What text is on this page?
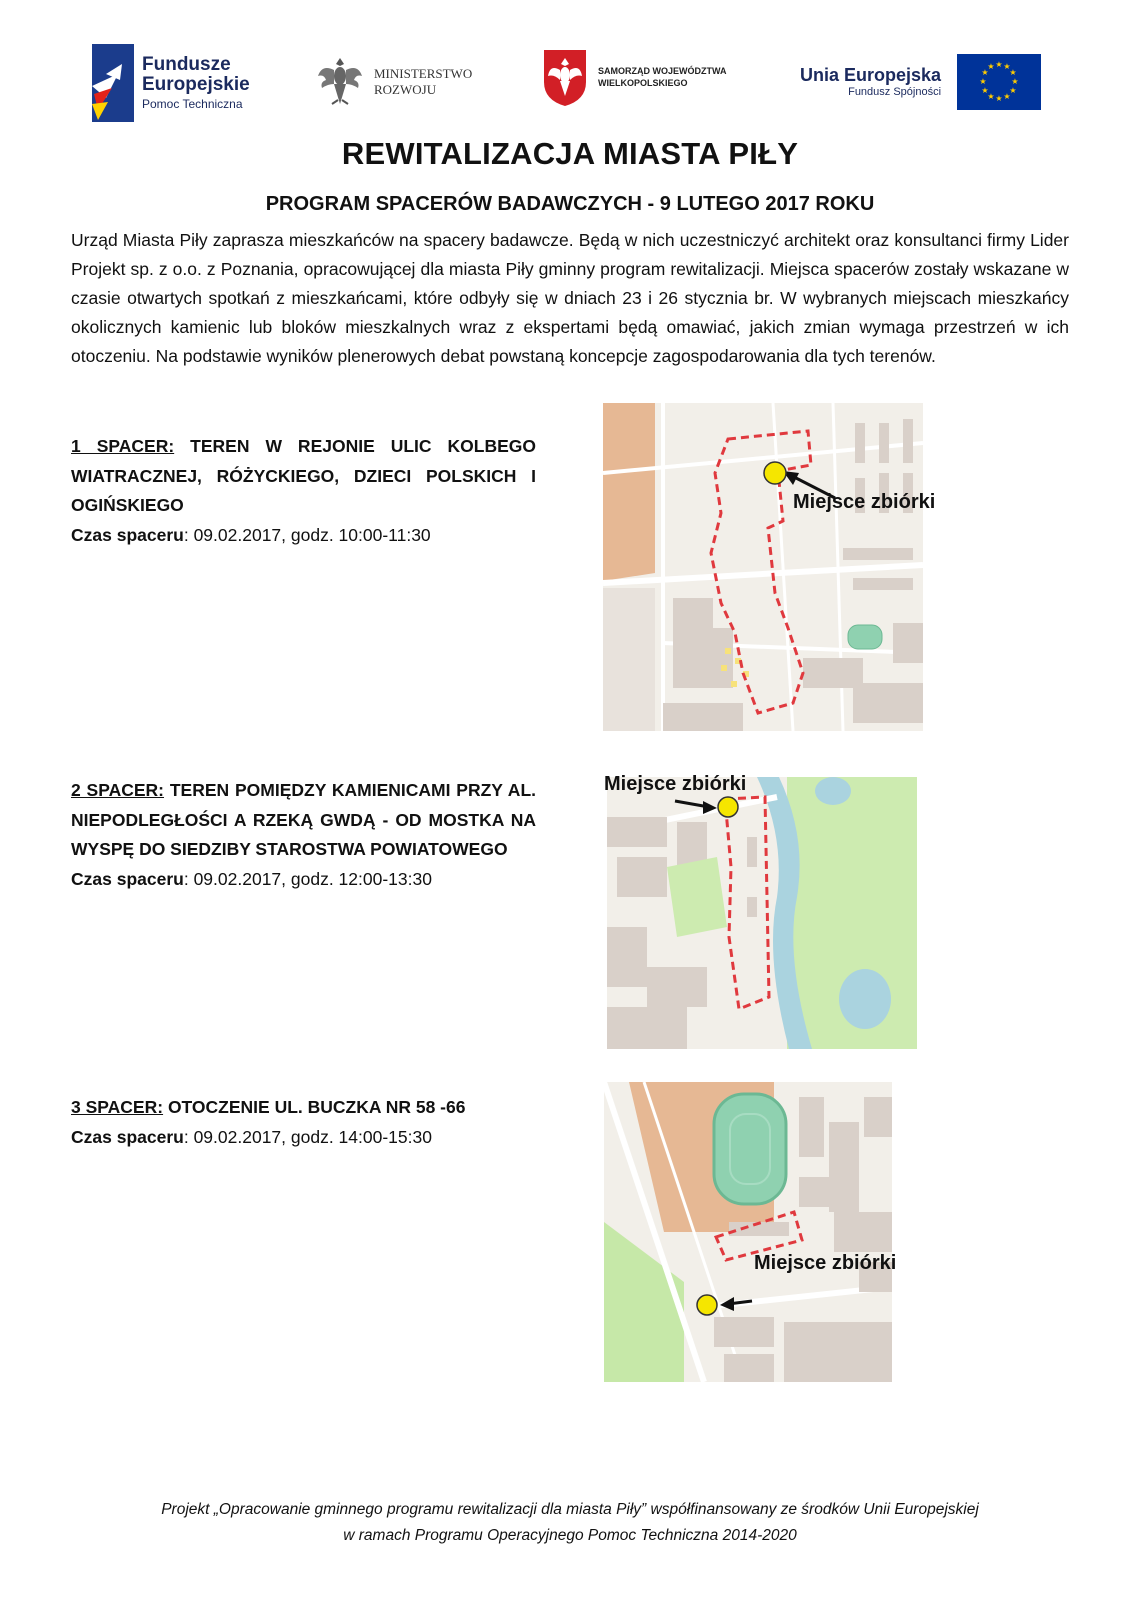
Fundusze
Europejskie
Pomoc Techniczna
MINISTERSTWO
ROZWOJU
SAMORZĄD WOJEWÓDZTWA
WIELKOPOLSKIEGO	Unia Europejska
Fundusz Spójności
★ ★
★
★
★
★
★
★
★
★
★
★
REWITALIZACJA MIASTA PIŁY
PROGRAM SPACERÓW BADAWCZYCH - 9 LUTEGO 2017 ROKU
Urząd Miasta Piły zaprasza mieszkańców na spacery badawcze. Będą w nich uczestniczyć architekt oraz konsultanci firmy Lider Projekt sp. z o.o. z Poznania, opracowującej dla miasta Piły gminny program rewitalizacji. Miejsca spacerów zostały wskazane w czasie otwartych spotkań z mieszkańcami, które odbyły się w dniach 23 i 26 stycznia br. W wybranych miejscach mieszkańcy okolicznych kamienic lub bloków mieszkalnych wraz z ekspertami będą omawiać, jakich zmian wymaga przestrzeń w ich otoczeniu. Na podstawie wyników plenerowych debat powstaną koncepcje zagospodarowania dla tych terenów.
1 SPACER: TEREN W REJONIE ULIC KOLBEGO WIATRACZNEJ, RÓŻYCKIEGO, DZIECI POLSKICH I OGIŃSKIEGO
Czas spaceru: 09.02.2017, godz. 10:00-11:30
Miejsce zbiórki
2 SPACER: TEREN POMIĘDZY KAMIENICAMI PRZY AL. NIEPODLEGŁOŚCI A RZEKĄ GWDĄ - OD MOSTKA NA WYSPĘ DO SIEDZIBY STAROSTWA POWIATOWEGO
Czas spaceru: 09.02.2017, godz. 12:00-13:30
Miejsce zbiórki
3 SPACER: OTOCZENIE UL. BUCZKA NR 58 -66
Czas spaceru: 09.02.2017, godz. 14:00-15:30
Miejsce zbiórki
Projekt „Opracowanie gminnego programu rewitalizacji dla miasta Piły” współfinansowany ze środków Unii Europejskiej
w ramach Programu Operacyjnego Pomoc Techniczna 2014-2020
